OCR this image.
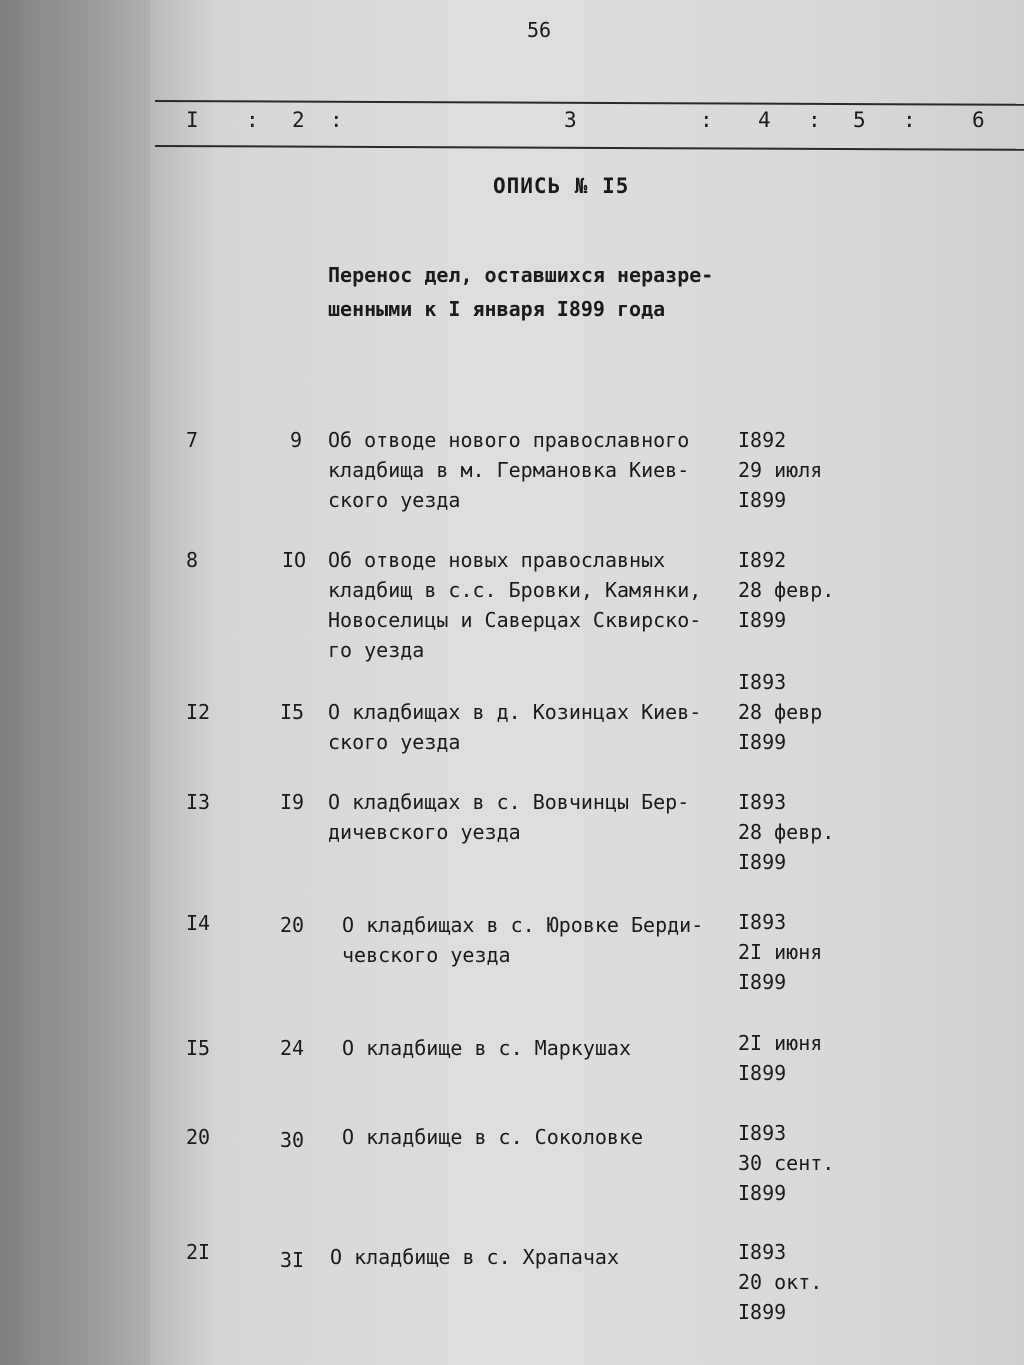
56
I : 2 :	3	: 4 : 5 :	6
ОПИСЬ № I5
Перенос дел, оставшихся неразре-
шенными к I января I899 года
7	9 Об отводе нового православного
кладбища в м. Германовка Киев-
ского уезда
I892
29 июля
I899
8	IO Об отводе новых православных
кладбищ в с.с. Бровки, Камянки,
Новоселицы и Саверцах Сквирско-
го уезда
I892
28 февр.
I899
I2	I5 О кладбищах в д. Козинцах Киев-
ского уезда
I893
28 февр
I899
I3	I9 О кладбищах в с. Вовчинцы Бер-
дичевского уезда
I893
28 февр.
I899
I4	20 О кладбищах в с. Юровке Берди-
чевского уезда
I893
2I июня
I899
I5	24 О кладбище в с. Маркушах	2I июня
I899
20	30 О кладбище в с. Соколовке	I893
30 сент.
I899
2I	3I О кладбище в с. Храпачах	I893
20 окт.
I899
